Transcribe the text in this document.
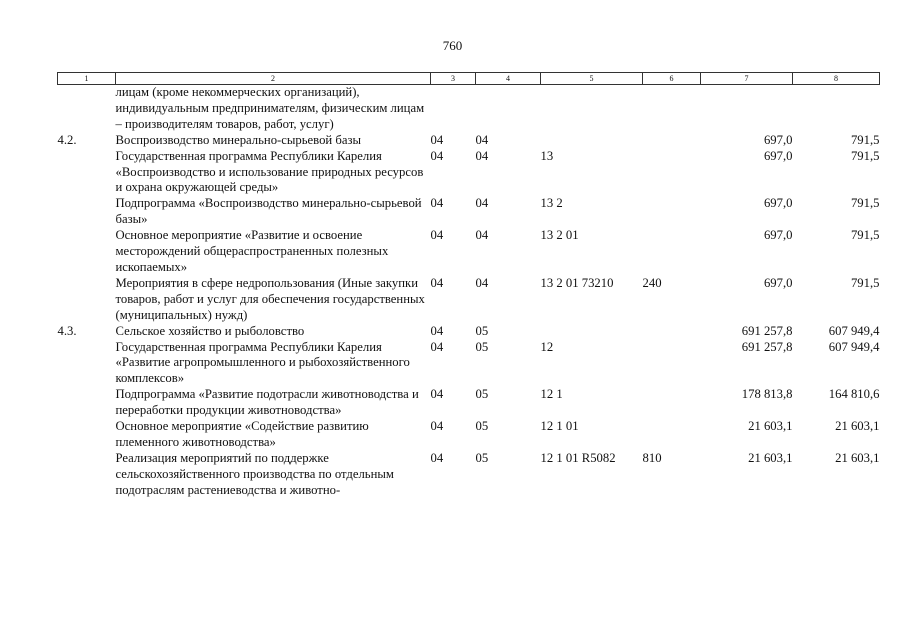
760
1	2	3	4	5	6	7	8
	лицам (кроме некоммерческих организаций), индивидуальным предпринимателям, физическим лицам – производителям товаров, работ, услуг)						
4.2.	Воспроизводство минерально-сырьевой базы	04	04			697,0	791,5
	Государственная программа Республики Карелия «Воспроизводство и использование природных ресурсов и охрана окружающей среды»	04	04	13		697,0	791,5
	Подпрограмма «Воспроизводство минерально-сырьевой базы»	04	04	13 2		697,0	791,5
	Основное мероприятие «Развитие и освоение месторождений общераспространенных полезных ископаемых»	04	04	13 2 01		697,0	791,5
	Мероприятия в сфере недропользования (Иные закупки товаров, работ и услуг для обеспечения государственных (муниципальных) нужд)	04	04	13 2 01 73210	240	697,0	791,5
4.3.	Сельское хозяйство и рыболовство	04	05			691 257,8	607 949,4
	Государственная программа Республики Карелия «Развитие агропромышленного и рыбохозяйственного комплексов»	04	05	12		691 257,8	607 949,4
	Подпрограмма «Развитие подотрасли животноводства и переработки продукции животноводства»	04	05	12 1		178 813,8	164 810,6
	Основное мероприятие «Содействие развитию племенного животноводства»	04	05	12 1 01		21 603,1	21 603,1
	Реализация мероприятий по поддержке сельскохозяйственного производства по отдельным подотраслям растениеводства и животно-	04	05	12 1 01 R5082	810	21 603,1	21 603,1
